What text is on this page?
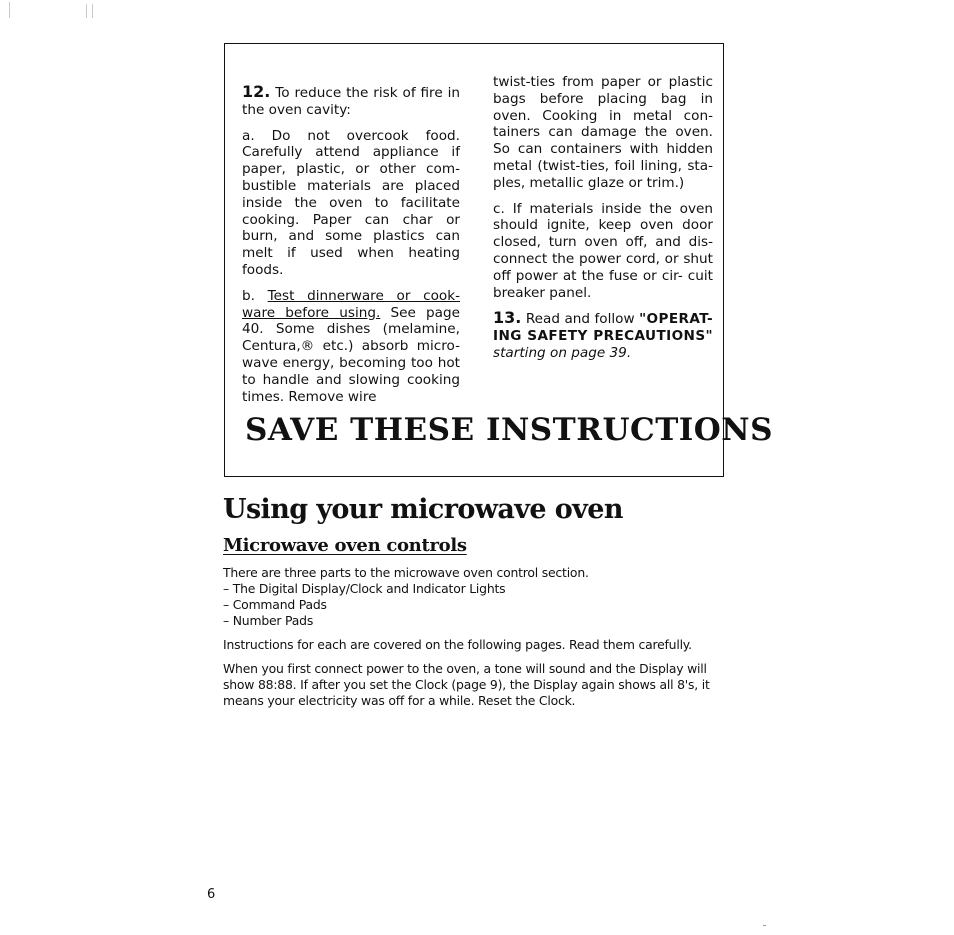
12. To reduce the risk of fire in the oven cavity:

a. Do not overcook food. Carefully attend appliance if paper, plastic, or other com- bustible materials are placed inside the oven to facilitate cooking. Paper can char or burn, and some plastics can melt if used when heating foods.

b. Test dinnerware or cook- ware before using. See page 40. Some dishes (melamine, Centura,® etc.) absorb micro- wave energy, becoming too hot to handle and slowing cooking times. Remove wire

twist-ties from paper or plastic bags before placing bag in oven. Cooking in metal con- tainers can damage the oven. So can containers with hidden metal (twist-ties, foil lining, sta- ples, metallic glaze or trim.)

c. If materials inside the oven should ignite, keep oven door closed, turn oven off, and dis- connect the power cord, or shut off power at the fuse or cir- cuit breaker panel.

13. Read and follow "OPERAT- ING SAFETY PRECAUTIONS" starting on page 39.

SAVE THESE INSTRUCTIONS
Using your microwave oven
Microwave oven controls
There are three parts to the microwave oven control section.
– The Digital Display/Clock and Indicator Lights
– Command Pads
– Number Pads

Instructions for each are covered on the following pages. Read them carefully.

When you first connect power to the oven, a tone will sound and the Display will show 88:88. If after you set the Clock (page 9), the Display again shows all 8's, it means your electricity was off for a while. Reset the Clock.

6
